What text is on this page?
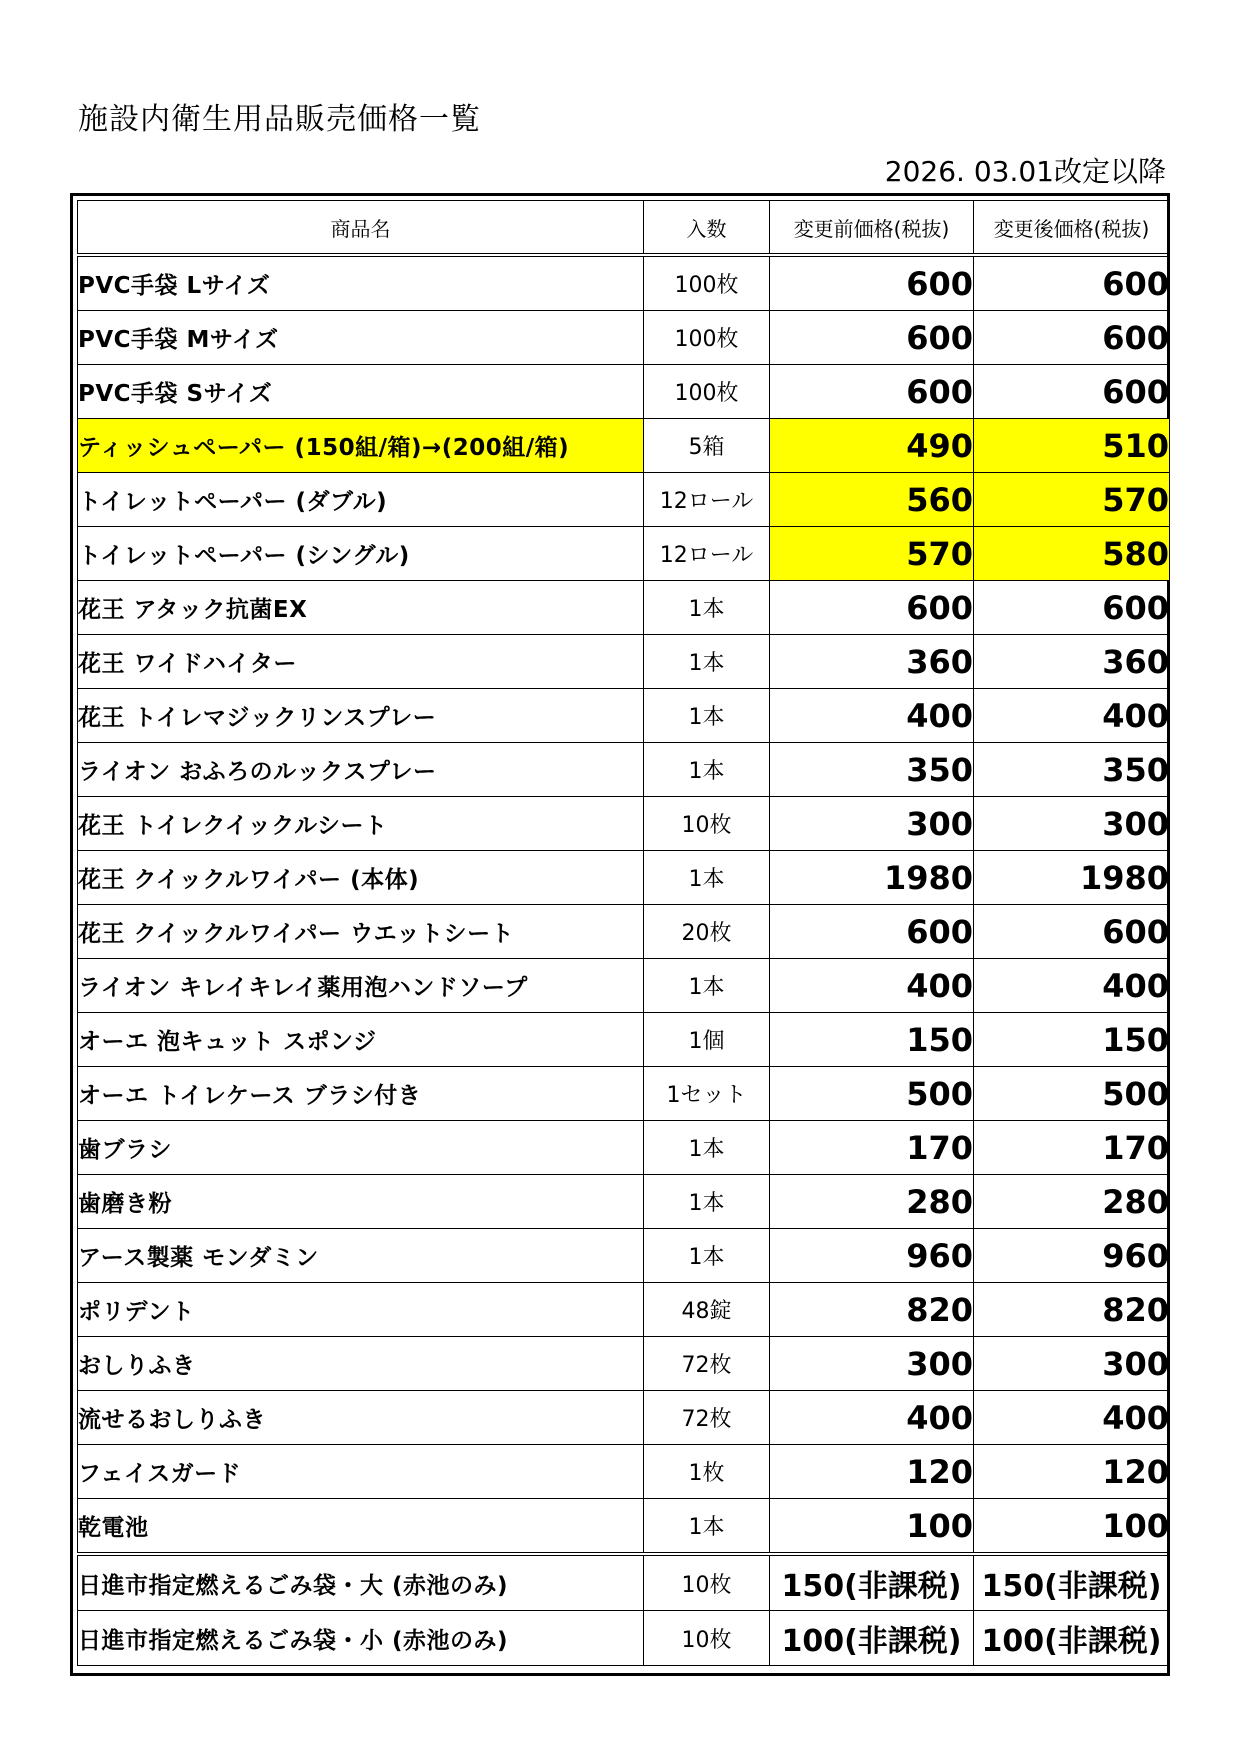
施設内衛生用品販売価格一覧
2026. 03.01改定以降
商品名	入数	変更前価格(税抜)	変更後価格(税抜)
PVC手袋 Lサイズ	100枚	600	600
PVC手袋 Mサイズ	100枚	600	600
PVC手袋 Sサイズ	100枚	600	600
ティッシュペーパー (150組/箱)→(200組/箱)	5箱	490	510
トイレットペーパー (ダブル)	12ロール	560	570
トイレットペーパー (シングル)	12ロール	570	580
花王 アタック抗菌EX	1本	600	600
花王 ワイドハイター	1本	360	360
花王 トイレマジックリンスプレー	1本	400	400
ライオン おふろのルックスプレー	1本	350	350
花王 トイレクイックルシート	10枚	300	300
花王 クイックルワイパー (本体)	1本	1980	1980
花王 クイックルワイパー ウエットシート	20枚	600	600
ライオン キレイキレイ薬用泡ハンドソープ	1本	400	400
オーエ 泡キュット スポンジ	1個	150	150
オーエ トイレケース ブラシ付き	1セット	500	500
歯ブラシ	1本	170	170
歯磨き粉	1本	280	280
アース製薬 モンダミン	1本	960	960
ポリデント	48錠	820	820
おしりふき	72枚	300	300
流せるおしりふき	72枚	400	400
フェイスガード	1枚	120	120
乾電池	1本	100	100
日進市指定燃えるごみ袋・大 (赤池のみ)	10枚	150(非課税)	150(非課税)
日進市指定燃えるごみ袋・小 (赤池のみ)	10枚	100(非課税)	100(非課税)
